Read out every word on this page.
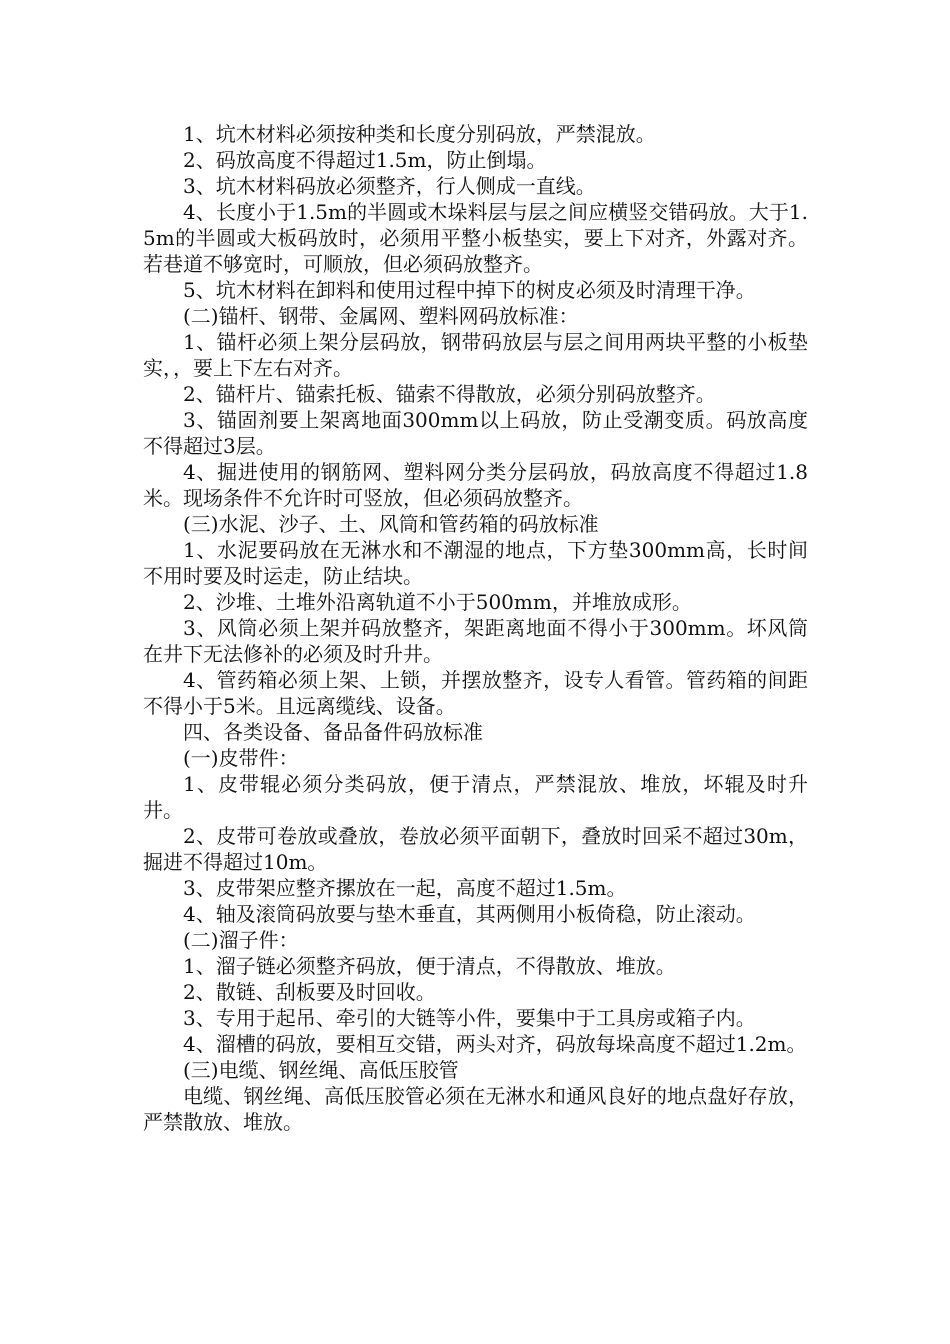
1、坑木材料必须按种类和长度分别码放，严禁混放。

2、码放高度不得超过1.5m，防止倒塌。

3、坑木材料码放必须整齐，行人侧成一直线。

4、长度小于1.5m的半圆或木垛料层与层之间应横竖交错码放。大于1.5m的半圆或大板码放时，必须用平整小板垫实，要上下对齐，外露对齐。若巷道不够宽时，可顺放，但必须码放整齐。

5、坑木材料在卸料和使用过程中掉下的树皮必须及时清理干净。

(二)锚杆、钢带、金属网、塑料网码放标准：

1、锚杆必须上架分层码放，钢带码放层与层之间用两块平整的小板垫实，，要上下左右对齐。

2、锚杆片、锚索托板、锚索不得散放，必须分别码放整齐。

3、锚固剂要上架离地面300mm以上码放，防止受潮变质。码放高度不得超过3层。

4、掘进使用的钢筋网、塑料网分类分层码放，码放高度不得超过1.8米。现场条件不允许时可竖放，但必须码放整齐。

(三)水泥、沙子、土、风筒和管药箱的码放标准

1、水泥要码放在无淋水和不潮湿的地点，下方垫300mm高，长时间不用时要及时运走，防止结块。

2、沙堆、土堆外沿离轨道不小于500mm，并堆放成形。

3、风筒必须上架并码放整齐，架距离地面不得小于300mm。坏风筒在井下无法修补的必须及时升井。

4、管药箱必须上架、上锁，并摆放整齐，设专人看管。管药箱的间距不得小于5米。且远离缆线、设备。

四、各类设备、备品备件码放标准

(一)皮带件：

1、皮带辊必须分类码放，便于清点，严禁混放、堆放，坏辊及时升井。

2、皮带可卷放或叠放，卷放必须平面朝下，叠放时回采不超过30m，掘进不得超过10m。

3、皮带架应整齐摞放在一起，高度不超过1.5m。

4、轴及滚筒码放要与垫木垂直，其两侧用小板倚稳，防止滚动。

(二)溜子件：

1、溜子链必须整齐码放，便于清点，不得散放、堆放。

2、散链、刮板要及时回收。

3、专用于起吊、牵引的大链等小件，要集中于工具房或箱子内。

4、溜槽的码放，要相互交错，两头对齐，码放每垛高度不超过1.2m。

(三)电缆、钢丝绳、高低压胶管

电缆、钢丝绳、高低压胶管必须在无淋水和通风良好的地点盘好存放，严禁散放、堆放。
